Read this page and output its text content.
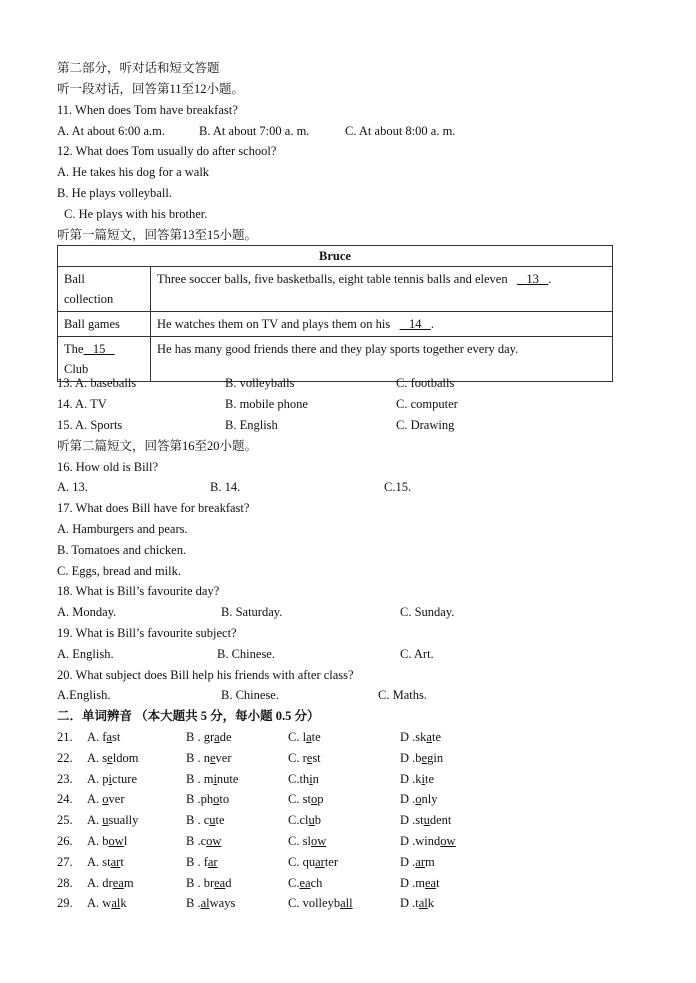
第二部分，听对话和短文答题
听一段对话，回答第11至12小题。
11. When does Tom have breakfast?
A. At about 6:00 a.m.	B. At about 7:00 a. m.	C. At about 8:00 a. m.
12. What does Tom usually do after school?
A. He takes his dog for a walk
B. He plays volleyball.
C. He plays with his brother.
听第一篇短文，回答第13至15小题。
Bruce	
Ball
collection	Three soccer balls, five basketballs, eight table tennis balls and eleven 13 .
Ball games	He watches them on TV and plays them on his 14 .
The 15
Club	He has many good friends there and they play sports together every day.
13. A. baseballs	B. volleyballs	C. footballs
14. A. TV	B. mobile phone	C. computer
15. A. Sports	B. English	C. Drawing
听第二篇短文，回答第16至20小题。
16. How old is Bill?
A. 13.	B. 14.	C.15.
17. What does Bill have for breakfast?
A. Hamburgers and pears.
B. Tomatoes and chicken.
C. Eggs, bread and milk.
18. What is Bill’s favourite day?
A. Monday.	B. Saturday.	C. Sunday.
19. What is Bill’s favourite subject?
A. English.	B. Chinese.	C. Art.
20. What subject does Bill help his friends with after class?
A.English.	B. Chinese.	C. Maths.
二．单词辨音 （本大题共 5 分，每小题 0.5 分）
21. A. fast	B . grade	C. late	D .skate
22. A. seldom	B . never	C. rest	D .begin
23. A. picture	B . minute	C.thin	D .kite
24. A. over	B .photo	C. stop	D .only
25. A. usually	B . cute	C.club	D .student
26. A. bowl	B .cow	C. slow	D .window
27. A. start	B . far	C. quarter	D .arm
28. A. dream	B . bread	C.each	D .meat
29. A. walk	B .always	C. volleyball	D .talk
